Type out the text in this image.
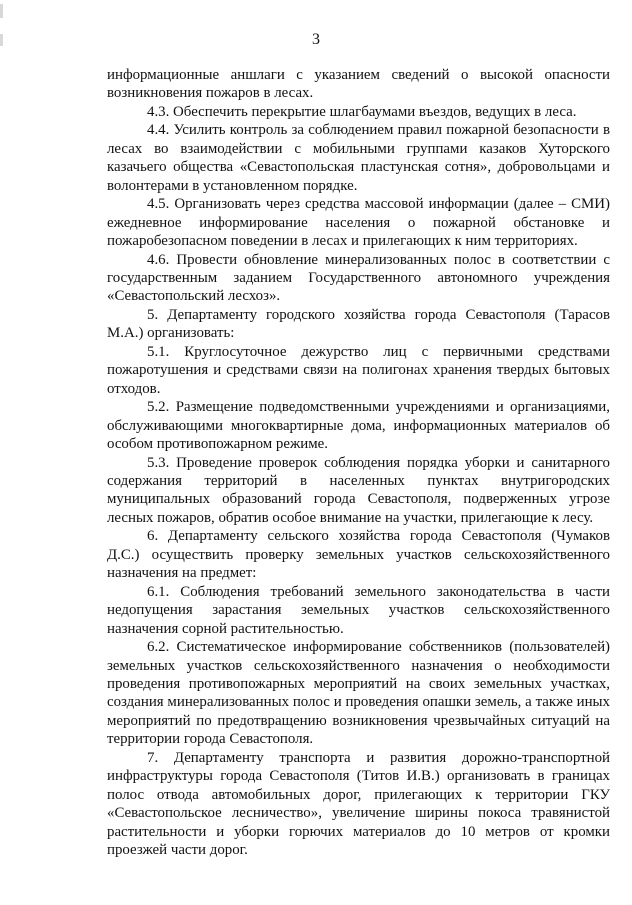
3

информационные аншлаги с указанием сведений о высокой опасности возникновения пожаров в лесах.

4.3. Обеспечить перекрытие шлагбаумами въездов, ведущих в леса.

4.4. Усилить контроль за соблюдением правил пожарной безопасности в лесах во взаимодействии с мобильными группами казаков Хуторского казачьего общества «Севастопольская пластунская сотня», добровольцами и волонтерами в установленном порядке.

4.5. Организовать через средства массовой информации (далее – СМИ) ежедневное информирование населения о пожарной обстановке и пожаробезопасном поведении в лесах и прилегающих к ним территориях.

4.6. Провести обновление минерализованных полос в соответствии с государственным заданием Государственного автономного учреждения «Севастопольский лесхоз».

5. Департаменту городского хозяйства города Севастополя (Тарасов М.А.) организовать:

5.1. Круглосуточное дежурство лиц с первичными средствами пожаротушения и средствами связи на полигонах хранения твердых бытовых отходов.

5.2. Размещение подведомственными учреждениями и организациями, обслуживающими многоквартирные дома, информационных материалов об особом противопожарном режиме.

5.3. Проведение проверок соблюдения порядка уборки и санитарного содержания территорий в населенных пунктах внутригородских муниципальных образований города Севастополя, подверженных угрозе лесных пожаров, обратив особое внимание на участки, прилегающие к лесу.

6. Департаменту сельского хозяйства города Севастополя (Чумаков Д.С.) осуществить проверку земельных участков сельскохозяйственного назначения на предмет:

6.1. Соблюдения требований земельного законодательства в части недопущения зарастания земельных участков сельскохозяйственного назначения сорной растительностью.

6.2. Систематическое информирование собственников (пользователей) земельных участков сельскохозяйственного назначения о необходимости проведения противопожарных мероприятий на своих земельных участках, создания минерализованных полос и проведения опашки земель, а также иных мероприятий по предотвращению возникновения чрезвычайных ситуаций на территории города Севастополя.

7. Департаменту транспорта и развития дорожно-транспортной инфраструктуры города Севастополя (Титов И.В.) организовать в границах полос отвода автомобильных дорог, прилегающих к территории ГКУ «Севастопольское лесничество», увеличение ширины покоса травянистой растительности и уборки горючих материалов до 10 метров от кромки проезжей части дорог.
